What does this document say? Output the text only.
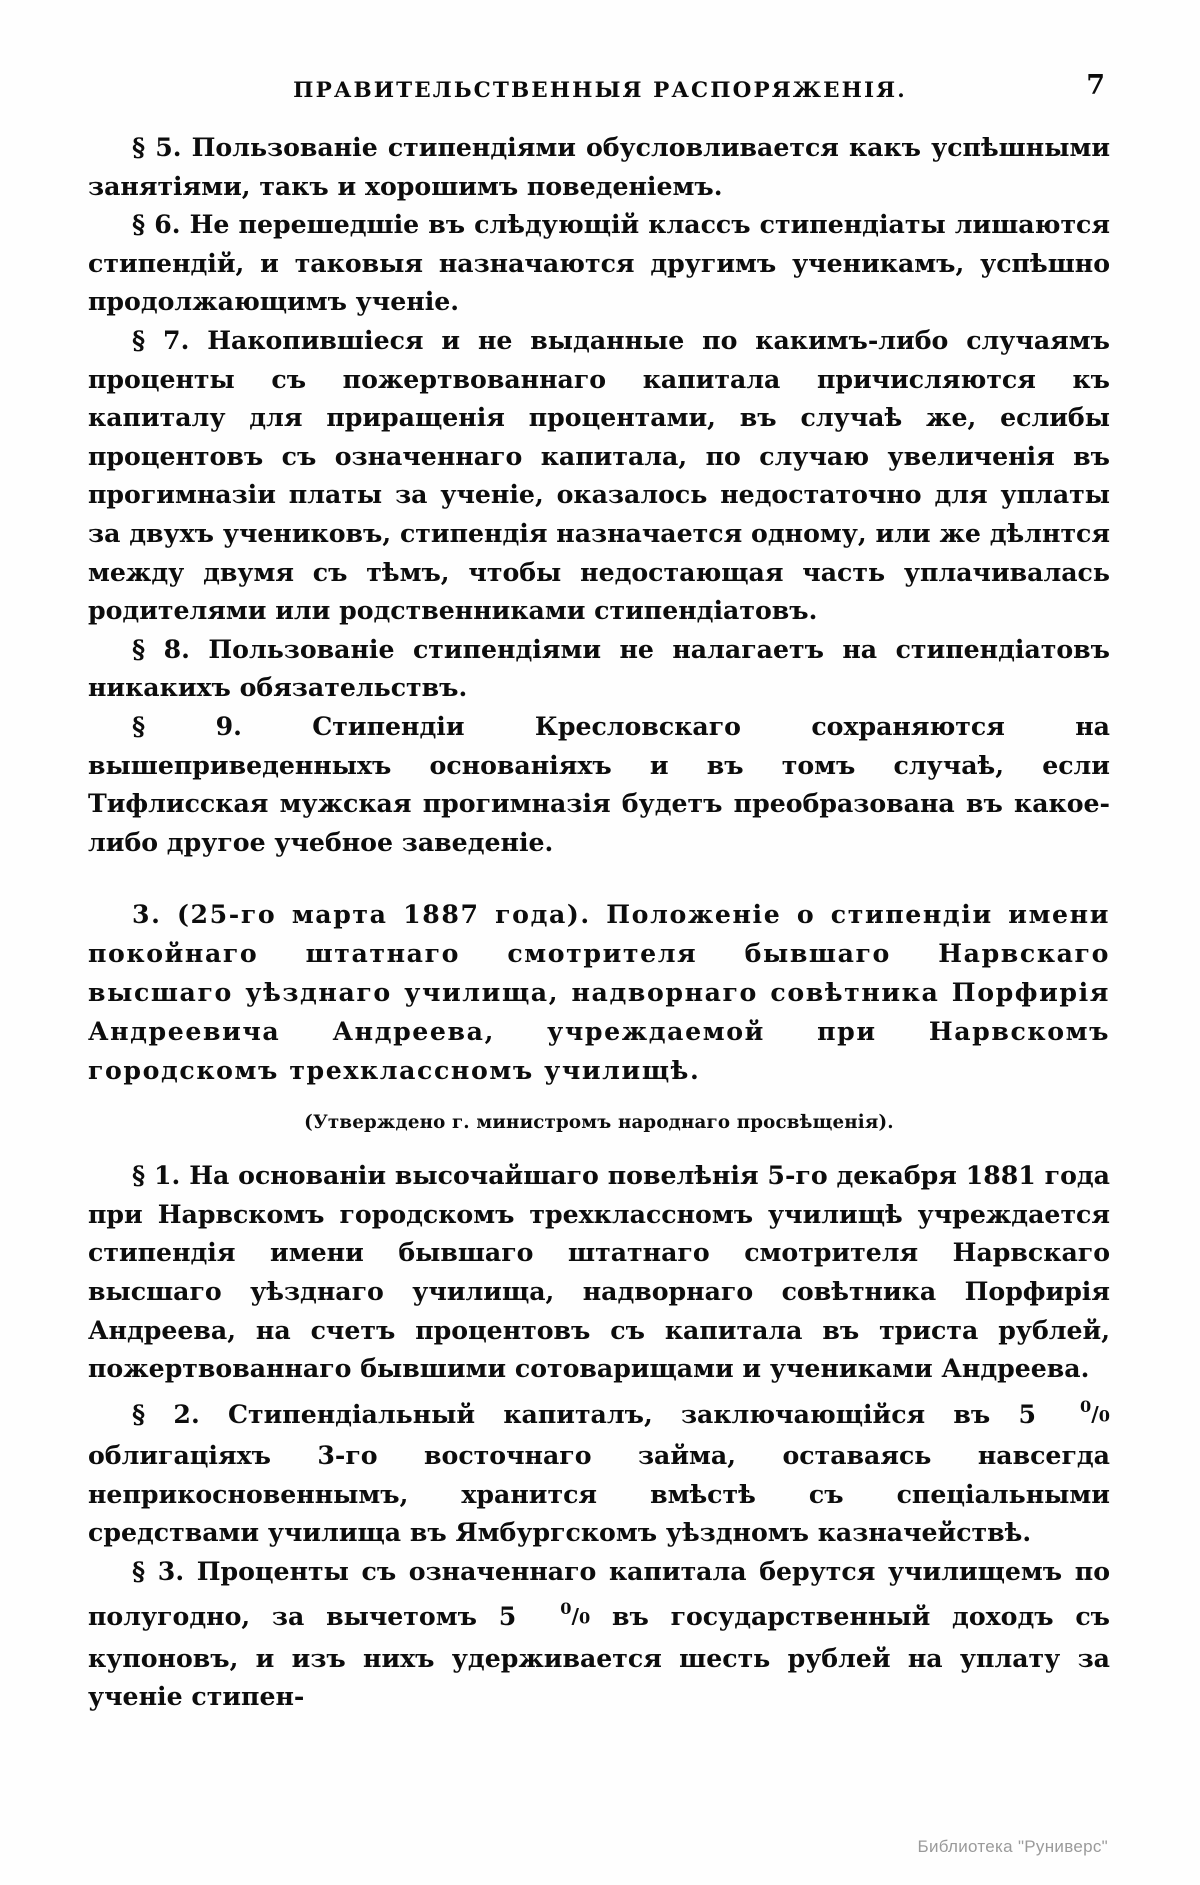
ПРАВИТЕЛЬСТВЕННЫЯ РАСПОРЯЖЕНІЯ.	7

§ 5. Пользованіе стипендіями обусловливается какъ успѣшными занятіями, такъ и хорошимъ поведеніемъ.

§ 6. Не перешедшіе въ слѣдующій классъ стипендіаты лишаются стипендій, и таковыя назначаются другимъ ученикамъ, успѣшно продолжающимъ ученіе.

§ 7. Накопившіеся и не выданные по какимъ-либо случаямъ проценты съ пожертвованнаго капитала причисляются къ капиталу для приращенія процентами, въ случаѣ же, еслибы процентовъ съ означеннаго капитала, по случаю увеличенія въ прогимназіи платы за ученіе, оказалось недостаточно для уплаты за двухъ учениковъ, стипендія назначается одному, или же дѣлнтся между двумя съ тѣмъ, чтобы недостающая часть уплачивалась родителями или родственниками стипендіатовъ.

§ 8. Пользованіе стипендіями не налагаетъ на стипендіатовъ никакихъ обязательствъ.

§ 9. Стипендіи Кресловскаго сохраняются на вышеприведенныхъ основаніяхъ и въ томъ случаѣ, если Тифлисская мужская прогимназія будетъ преобразована въ какое-либо другое учебное заведеніе.

3. (25-го марта 1887 года). Положеніе о стипендіи имени покойнаго штатнаго смотрителя бывшаго Нарвскаго высшаго уѣзднаго училища, надворнаго совѣтника Порфирія Андреевича Андреева, учреждаемой при Нарвскомъ городскомъ трехклассномъ училищѣ.

(Утверждено г. министромъ народнаго просвѣщенія).

§ 1. На основаніи высочайшаго повелѣнія 5-го декабря 1881 года при Нарвскомъ городскомъ трехклассномъ училищѣ учреждается стипендія имени бывшаго штатнаго смотрителя Нарвскаго высшаго уѣзднаго училища, надворнаго совѣтника Порфирія Андреева, на счетъ процентовъ съ капитала въ триста рублей, пожертвованнаго бывшими сотоварищами и учениками Андреева.

§ 2. Стипендіальный капиталъ, заключающійся въ 5	$^0/_0$ облигаціяхъ 3-го восточнаго займа, оставаясь навсегда неприкосновеннымъ, хранится вмѣстѣ съ спеціальными средствами училища въ Ямбургскомъ уѣздномъ казначействѣ.

§ 3. Проценты съ означеннаго капитала берутся училищемъ по полугодно, за вычетомъ 5	$^0/_0$ въ государственный доходъ съ купоновъ, и изъ нихъ удерживается шесть рублей на уплату за ученіе стипен-

Библиотека "Руниверс"
